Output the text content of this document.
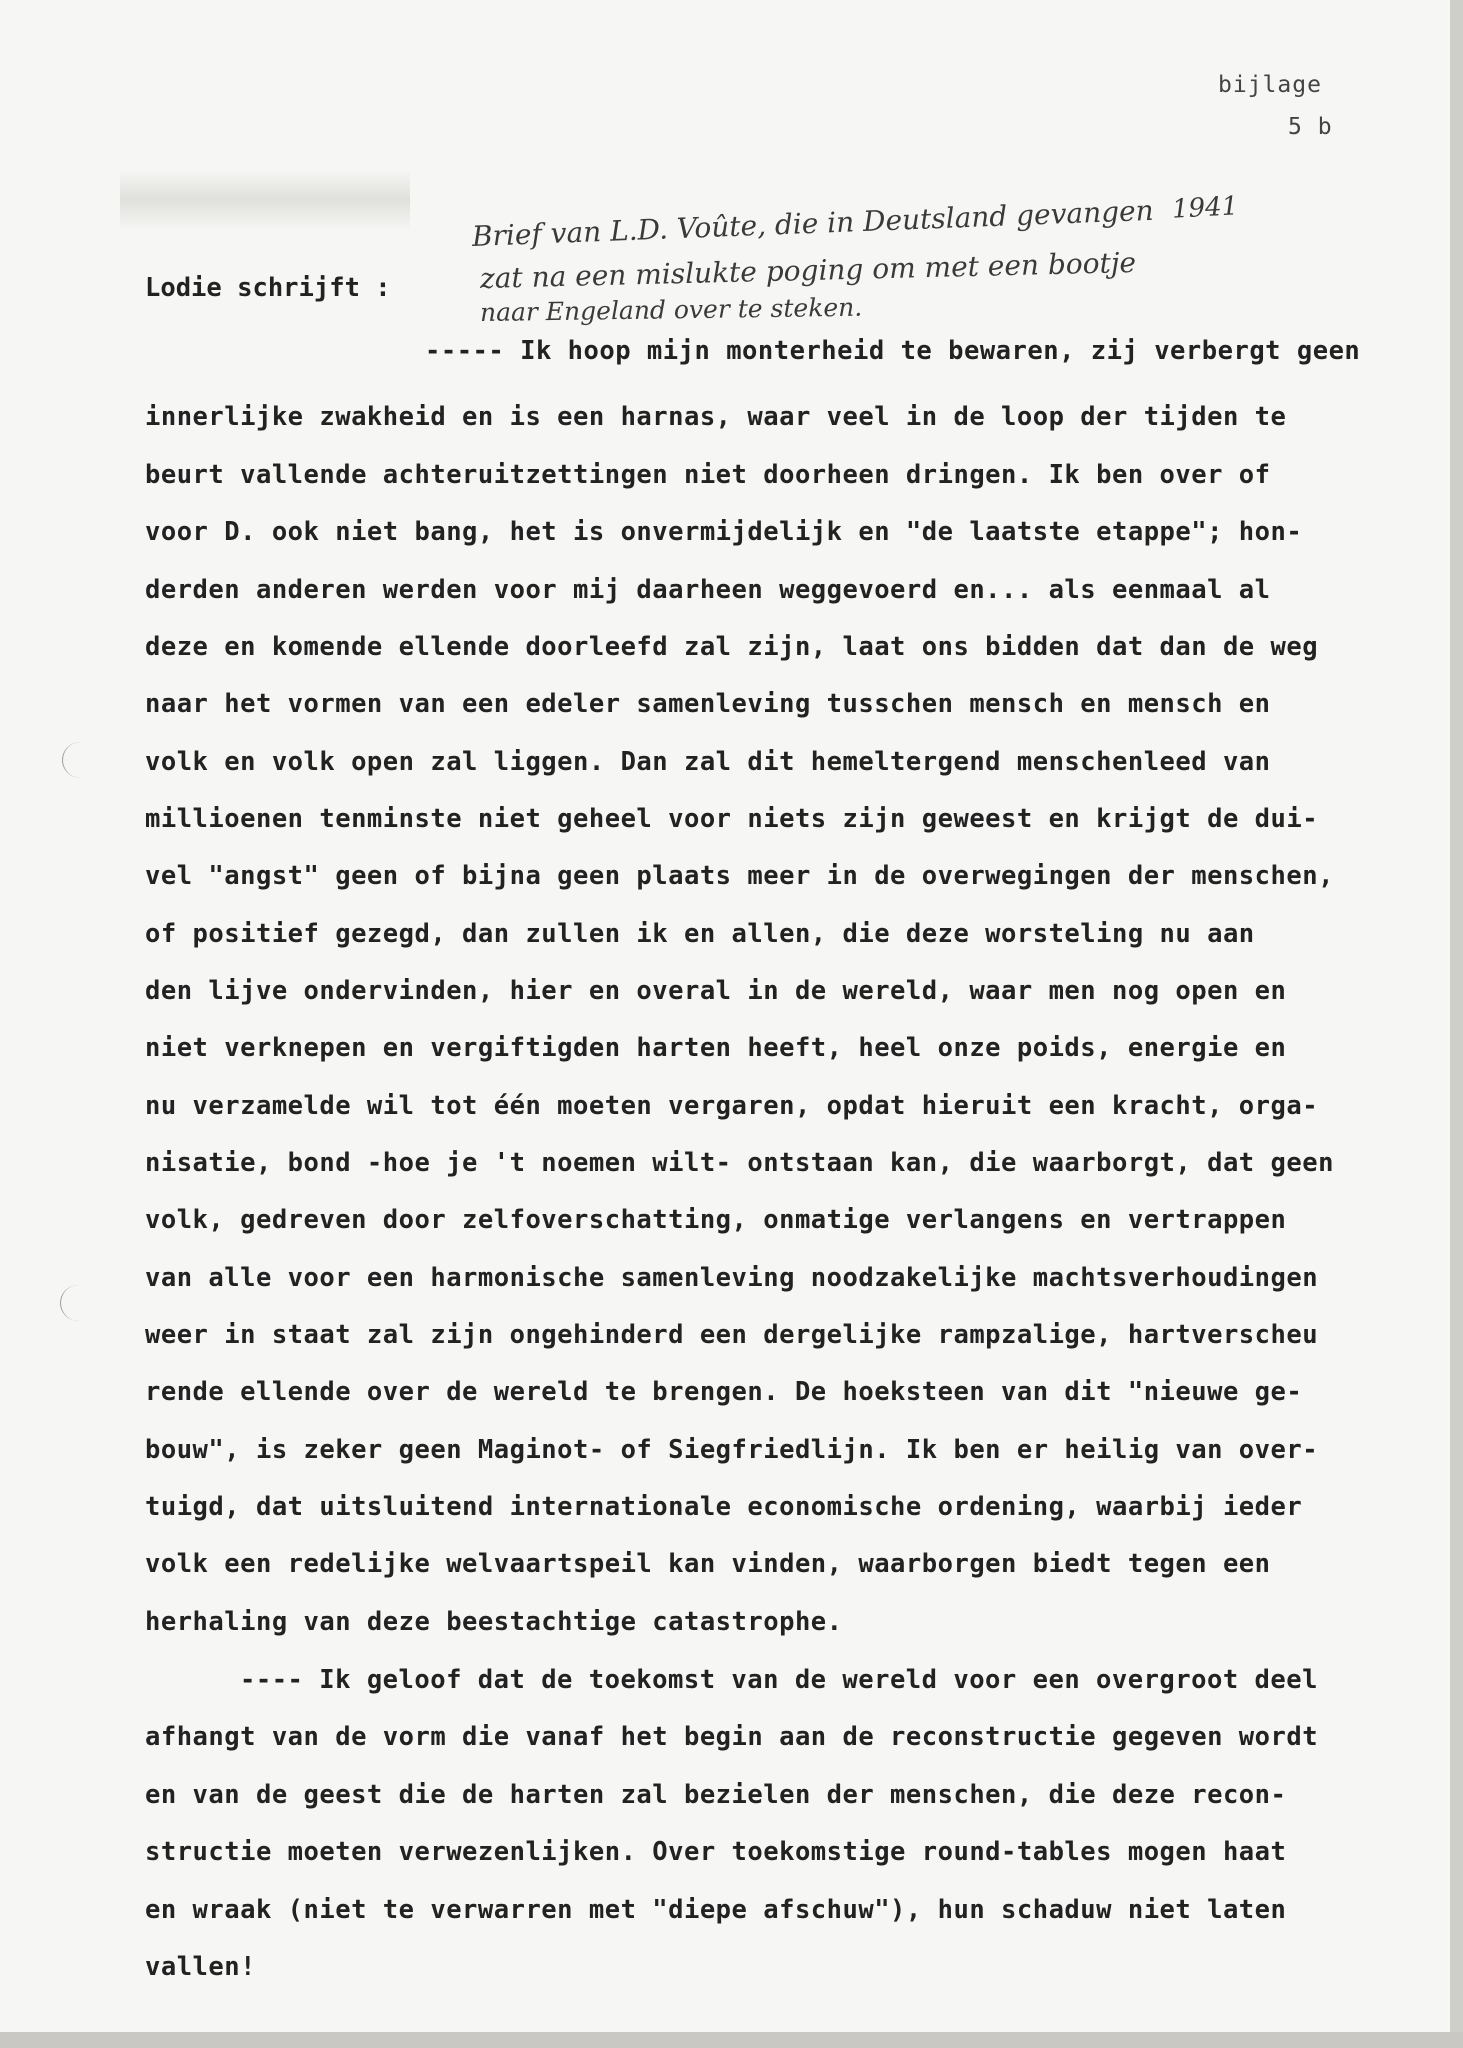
bijlage
5 b
1941
Brief van L.D. Voûte, die in Deutsland gevangen
zat na een mislukte poging om met een bootje
naar Engeland over te steken.
Lodie schrijft :
----- Ik hoop mijn monterheid te bewaren, zij verbergt geen
innerlijke zwakheid en is een harnas, waar veel in de loop der tijden te
beurt vallende achteruitzettingen niet doorheen dringen. Ik ben over of
voor D. ook niet bang, het is onvermijdelijk en "de laatste etappe"; hon-
derden anderen werden voor mij daarheen weggevoerd en... als eenmaal al
deze en komende ellende doorleefd zal zijn, laat ons bidden dat dan de weg
naar het vormen van een edeler samenleving tusschen mensch en mensch en
volk en volk open zal liggen. Dan zal dit hemeltergend menschenleed van
millioenen tenminste niet geheel voor niets zijn geweest en krijgt de dui-
vel "angst" geen of bijna geen plaats meer in de overwegingen der menschen,
of positief gezegd, dan zullen ik en allen, die deze worsteling nu aan
den lijve ondervinden, hier en overal in de wereld, waar men nog open en
niet verknepen en vergiftigden harten heeft, heel onze poids, energie en
nu verzamelde wil tot één moeten vergaren, opdat hieruit een kracht, orga-
nisatie, bond -hoe je 't noemen wilt- ontstaan kan, die waarborgt, dat geen
volk, gedreven door zelfoverschatting, onmatige verlangens en vertrappen
van alle voor een harmonische samenleving noodzakelijke machtsverhoudingen
weer in staat zal zijn ongehinderd een dergelijke rampzalige, hartverscheu
rende ellende over de wereld te brengen. De hoeksteen van dit "nieuwe ge-
bouw", is zeker geen Maginot- of Siegfriedlijn. Ik ben er heilig van over-
tuigd, dat uitsluitend internationale economische ordening, waarbij ieder
volk een redelijke welvaartspeil kan vinden, waarborgen biedt tegen een
herhaling van deze beestachtige catastrophe.
---- Ik geloof dat de toekomst van de wereld voor een overgroot deel
afhangt van de vorm die vanaf het begin aan de reconstructie gegeven wordt
en van de geest die de harten zal bezielen der menschen, die deze recon-
structie moeten verwezenlijken. Over toekomstige round-tables mogen haat
en wraak (niet te verwarren met "diepe afschuw"), hun schaduw niet laten
vallen!
